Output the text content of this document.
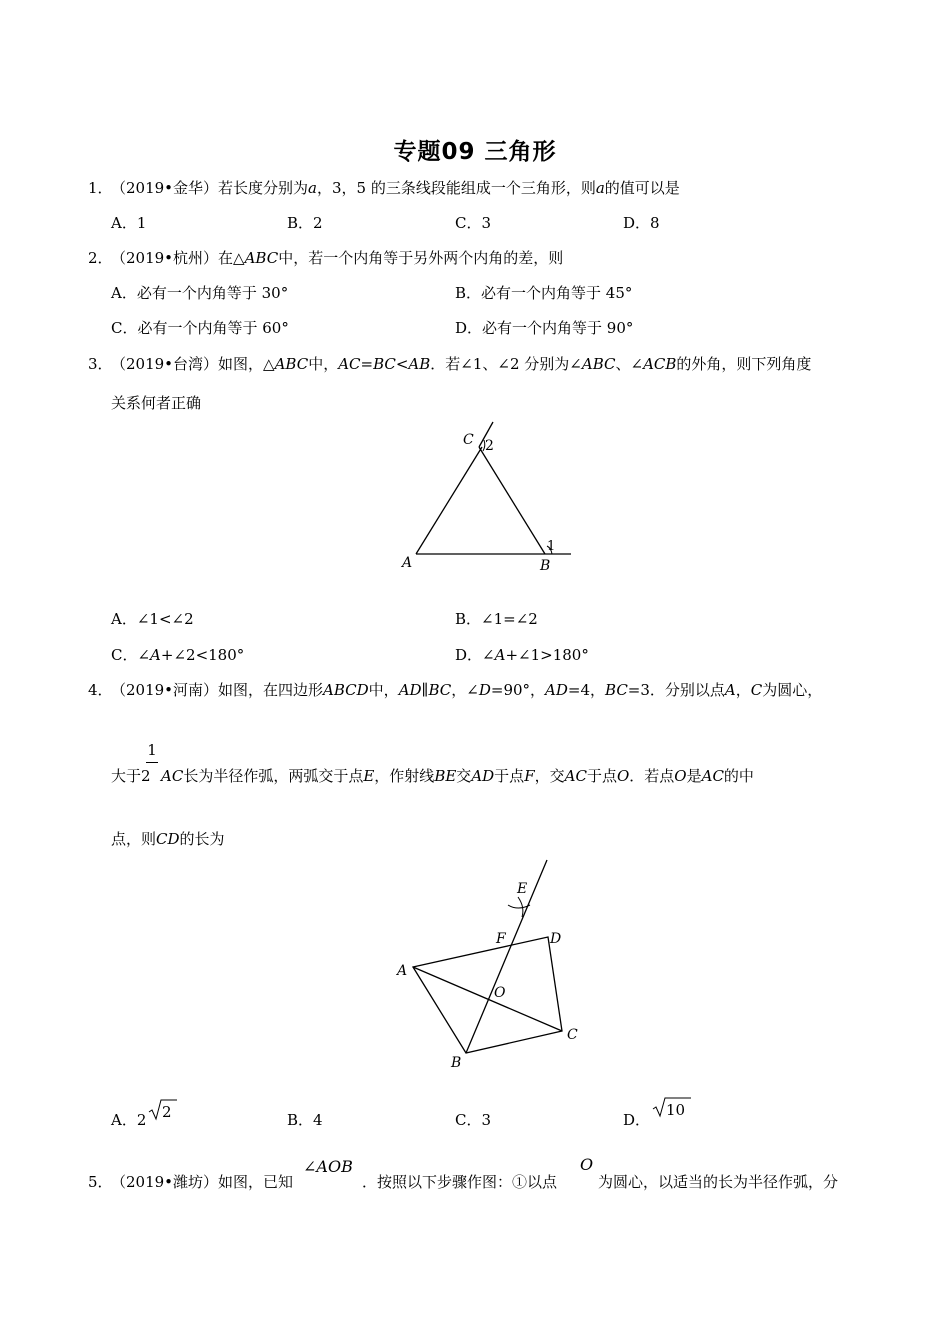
专题09 三角形
1．
（2019•金华）若长度分别为a，3，5 的三条线段能组成一个三角形，则a的值可以是
A．1	B．2	C．3	D．8
2．
（2019•杭州）在△ABC中，若一个内角等于另外两个内角的差，则
A．必有一个内角等于 30°	B．必有一个内角等于 45°
C．必有一个内角等于 60°	D．必有一个内角等于 90°
3．
（2019•台湾）如图，△ABC中，AC=BC<AB．若∠1、∠2 分别为∠ABC、∠ACB的外角，则下列角度
关系何者正确
C 2
A	B
1
A．∠1<∠2	B．∠1=∠2
C．∠A+∠2<180°	D．∠A+∠1>180°
4．
（2019•河南）如图，在四边形ABCD中，AD∥BC，∠D=90°，AD=4，BC=3．分别以点A，C为圆心，
1
大于2 AC长为半径作弧，两弧交于点E，作射线BE交AD于点F，交AC于点O．若点O是AC的中
点，则CD的长为
E
F	D
A
O
C
B
A．2 2	B．4	C．3	D．
10
5．
（2019•潍坊）如图，已知
∠AOB
．按照以下步骤作图：①以点
O
为圆心，以适当的长为半径作弧，分
